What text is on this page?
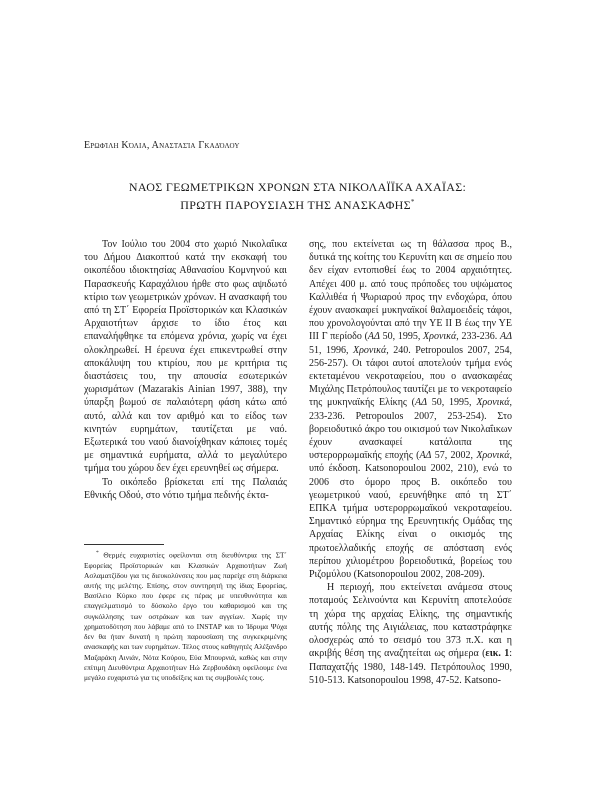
Ερωφίλη Κόλια, Αναστασία Γκαδόλου
ΝΑΟΣ ΓΕΩΜΕΤΡΙΚΩΝ ΧΡΟΝΩΝ ΣΤΑ ΝΙΚΟΛΑΪΪΚΑ ΑΧΑΪΑΣ:
ΠΡΩΤΗ ΠΑΡΟΥΣΙΑΣΗ ΤΗΣ ΑΝΑΣΚΑΦΗΣ*

Τον Ιούλιο του 2004 στο χωριό Νικολαΐικα του Δήμου Διακοπτού κατά την εκσκαφή του οικοπέδου ιδιοκτησίας Αθανασίου Κομνηνού και Παρασκευής Καραχάλιου ήρθε στο φως αψιδωτό κτίριο των γεωμετρικών χρόνων. Η ανασκαφή του από τη ΣΤ΄ Εφορεία Προϊστορικών και Κλασικών Αρχαιοτήτων άρχισε το ίδιο έτος και επαναλήφθηκε τα επόμενα χρόνια, χωρίς να έχει ολοκληρωθεί. Η έρευνα έχει επικεντρωθεί στην αποκάλυψη του κτιρίου, που με κριτήρια τις διαστάσεις του, την απουσία εσωτερικών χωρισμάτων (Mazarakis Ainian 1997, 388), την ύπαρξη βωμού σε παλαιότερη φάση κάτω από αυτό, αλλά και τον αριθμό και το είδος των κινητών ευρημάτων, ταυτίζεται με ναό. Εξωτερικά του ναού διανοίχθηκαν κάποιες τομές με σημαντικά ευρήματα, αλλά το μεγαλύτερο τμήμα του χώρου δεν έχει ερευνηθεί ως σήμερα.

Το οικόπεδο βρίσκεται επί της Παλαιάς Εθνικής Οδού, στο νότιο τμήμα πεδινής έκτα-

* Θερμές ευχαριστίες οφείλονται στη διευθύντρια της ΣΤ΄ Εφορείας Προϊστορικών και Κλασικών Αρχαιοτήτων Ζωή Ασλαματζίδου για τις διευκολύνσεις που μας παρείχε στη διάρκεια αυτής της μελέτης. Επίσης, στον συντηρητή της ίδιας Εφορείας, Βασίλειο Κύρκο που έφερε εις πέρας με υπευθυνότητα και επαγγελματισμό το δύσκολο έργο του καθαρισμού και της συγκόλλησης των οστράκων και των αγγείων. Χωρίς την χρηματοδότηση που λάβαμε από το INSTAP και το Ίδρυμα Ψύχα δεν θα ήταν δυνατή η πρώτη παρουσίαση της συγκεκριμένης ανασκαφής και των ευρημάτων. Τέλος στους καθηγητές Αλέξανδρο Μαζαράκη Αινιάν, Νότα Κούρου, Εύα Μπουρνιά, καθώς και στην επίτιμη Διευθύντρια Αρχαιοτήτων Ηώ Ζερβουδάκη οφείλουμε ένα μεγάλο ευχαριστώ για τις υποδείξεις και τις συμβουλές τους.

σης, που εκτείνεται ως τη θάλασσα προς Β., δυτικά της κοίτης του Κερυνίτη και σε σημείο που δεν είχαν εντοπισθεί έως το 2004 αρχαιότητες. Απέχει 400 μ. από τους πρόποδες του υψώματος Καλλιθέα ή Ψωριαρού προς την ενδοχώρα, όπου έχουν ανασκαφεί μυκηναϊκοί θαλαμοειδείς τάφοι, που χρονολογούνται από την ΥΕ ΙΙ Β έως την ΥΕ ΙΙΙ Γ περίοδο (ΑΔ 50, 1995, Χρονικά, 233-236. ΑΔ 51, 1996, Χρονικά, 240. Petropoulos 2007, 254, 256-257). Οι τάφοι αυτοί αποτελούν τμήμα ενός εκτεταμένου νεκροταφείου, που ο ανασκαφέας Μιχάλης Πετρόπουλος ταυτίζει με το νεκροταφείο της μυκηναϊκής Ελίκης (ΑΔ 50, 1995, Χρονικά, 233-236. Petropoulos 2007, 253-254). Στο βορειοδυτικό άκρο του οικισμού των Νικολαΐικων έχουν ανασκαφεί κατάλοιπα της υστερορρωμαϊκής εποχής (ΑΔ 57, 2002, Χρονικά, υπό έκδοση. Katsonopoulou 2002, 210), ενώ το 2006 στο όμορο προς Β. οικόπεδο του γεωμετρικού ναού, ερευνήθηκε από τη ΣΤ΄ ΕΠΚΑ τμήμα υστερορρωμαϊκού νεκροταφείου. Σημαντικό εύρημα της Ερευνητικής Ομάδας της Αρχαίας Ελίκης είναι ο οικισμός της πρωτοελλαδικής εποχής σε απόσταση ενός περίπου χιλιομέτρου βορειοδυτικά, βορείως του Ριζομύλου (Katsonopoulou 2002, 208-209).

Η περιοχή, που εκτείνεται ανάμεσα στους ποταμούς Σελινούντα και Κερυνίτη αποτελούσε τη χώρα της αρχαίας Ελίκης, της σημαντικής αυτής πόλης της Αιγιάλειας, που καταστράφηκε ολοσχερώς από το σεισμό του 373 π.Χ. και η ακριβής θέση της αναζητείται ως σήμερα (εικ. 1: Παπαχατζής 1980, 148-149. Πετρόπουλος 1990, 510-513. Katsonopoulou 1998, 47-52. Katsono-
